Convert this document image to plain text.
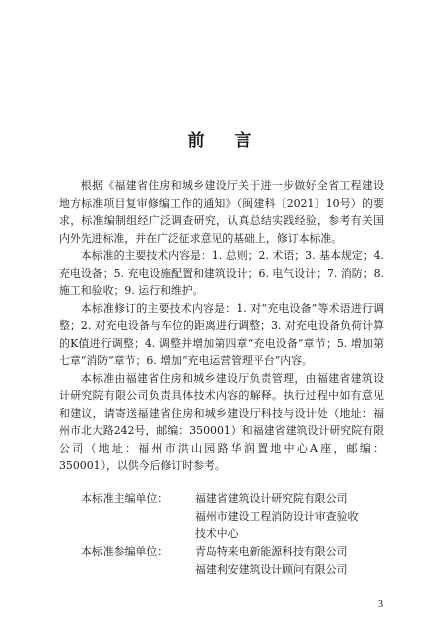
前 言

根据《福建省住房和城乡建设厅关于进一步做好全省工程建设地方标准项目复审修编工作的通知》（闽建科〔2021〕10号）的要求，标准编制组经广泛调查研究，认真总结实践经验，参考有关国内外先进标准，并在广泛征求意见的基础上，修订本标准。

本标准的主要技术内容是：1. 总则；2. 术语；3. 基本规定；4. 充电设备；5. 充电设施配置和建筑设计；6. 电气设计；7. 消防；8. 施工和验收；9. 运行和维护。

本标准修订的主要技术内容是：1. 对“充电设备”等术语进行调整；2. 对充电设备与车位的距离进行调整；3. 对充电设备负荷计算的K值进行调整；4. 调整并增加第四章“充电设备”章节；5. 增加第七章“消防”章节；6. 增加“充电运营管理平台”内容。

本标准由福建省住房和城乡建设厅负责管理，由福建省建筑设计研究院有限公司负责具体技术内容的解释。执行过程中如有意见和建议，请寄送福建省住房和城乡建设厅科技与设计处（地址：福州市北大路242号，邮编：350001）和福建省建筑设计研究院有限公司（地址：福州市洪山园路华润置地中心A座，邮编：350001），以供今后修订时参考。

本标准主编单位：	福建省建筑设计研究院有限公司
福州市建设工程消防设计审查验收
技术中心
本标准参编单位：	青岛特来电新能源科技有限公司
福建利安建筑设计顾问有限公司
3
